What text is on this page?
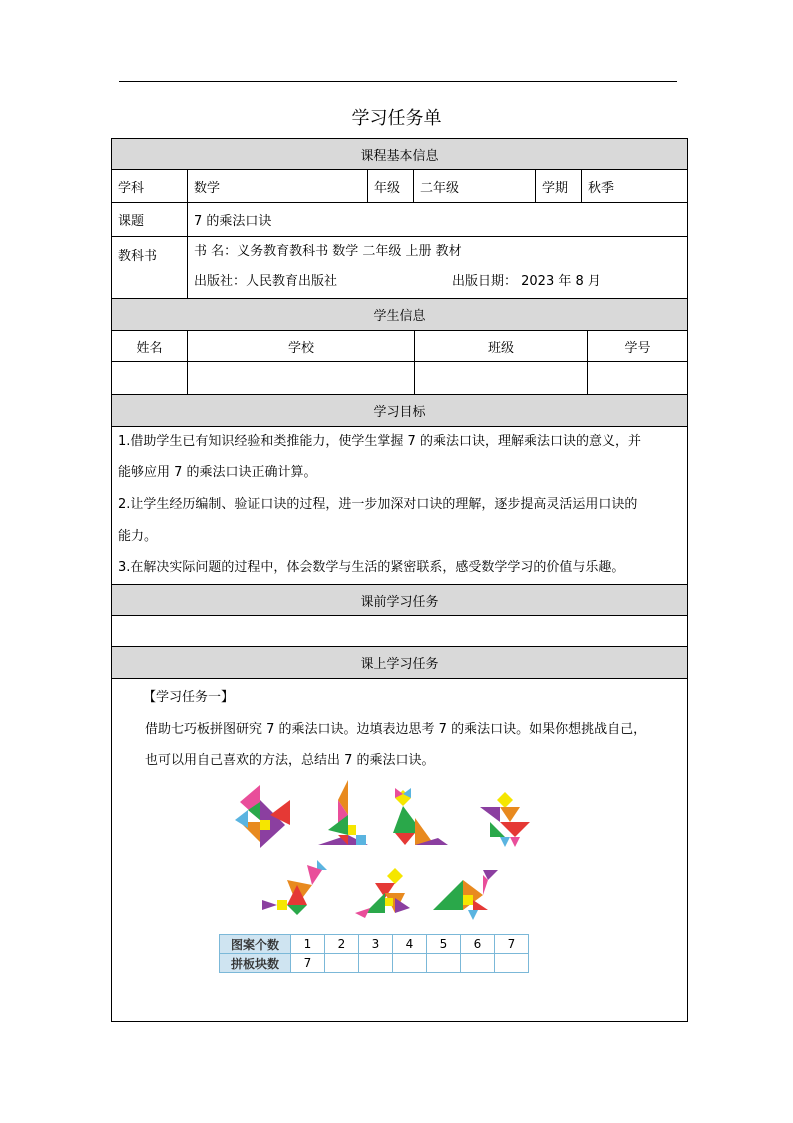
学习任务单
课程基本信息
学科	数学	年级	二年级	学期	秋季
课题	7 的乘法口诀
教科书	书 名：义务教育教科书 数学 二年级 上册 教材
出版社：人民教育出版社	出版日期： 2023 年 8 月
学生信息
姓名	学校	班级	学号
学习目标
1.借助学生已有知识经验和类推能力，使学生掌握 7 的乘法口诀，理解乘法口诀的意义，并
能够应用 7 的乘法口诀正确计算。
2.让学生经历编制、验证口诀的过程，进一步加深对口诀的理解，逐步提高灵活运用口诀的
能力。
3.在解决实际问题的过程中，体会数学与生活的紧密联系，感受数学学习的价值与乐趣。
课前学习任务
课上学习任务
【学习任务一】
借助七巧板拼图研究 7 的乘法口诀。边填表边思考 7 的乘法口诀。如果你想挑战自己，
也可以用自己喜欢的方法，总结出 7 的乘法口诀。
图案个数	1	2	3	4	5	6	7
拼板块数	7						
